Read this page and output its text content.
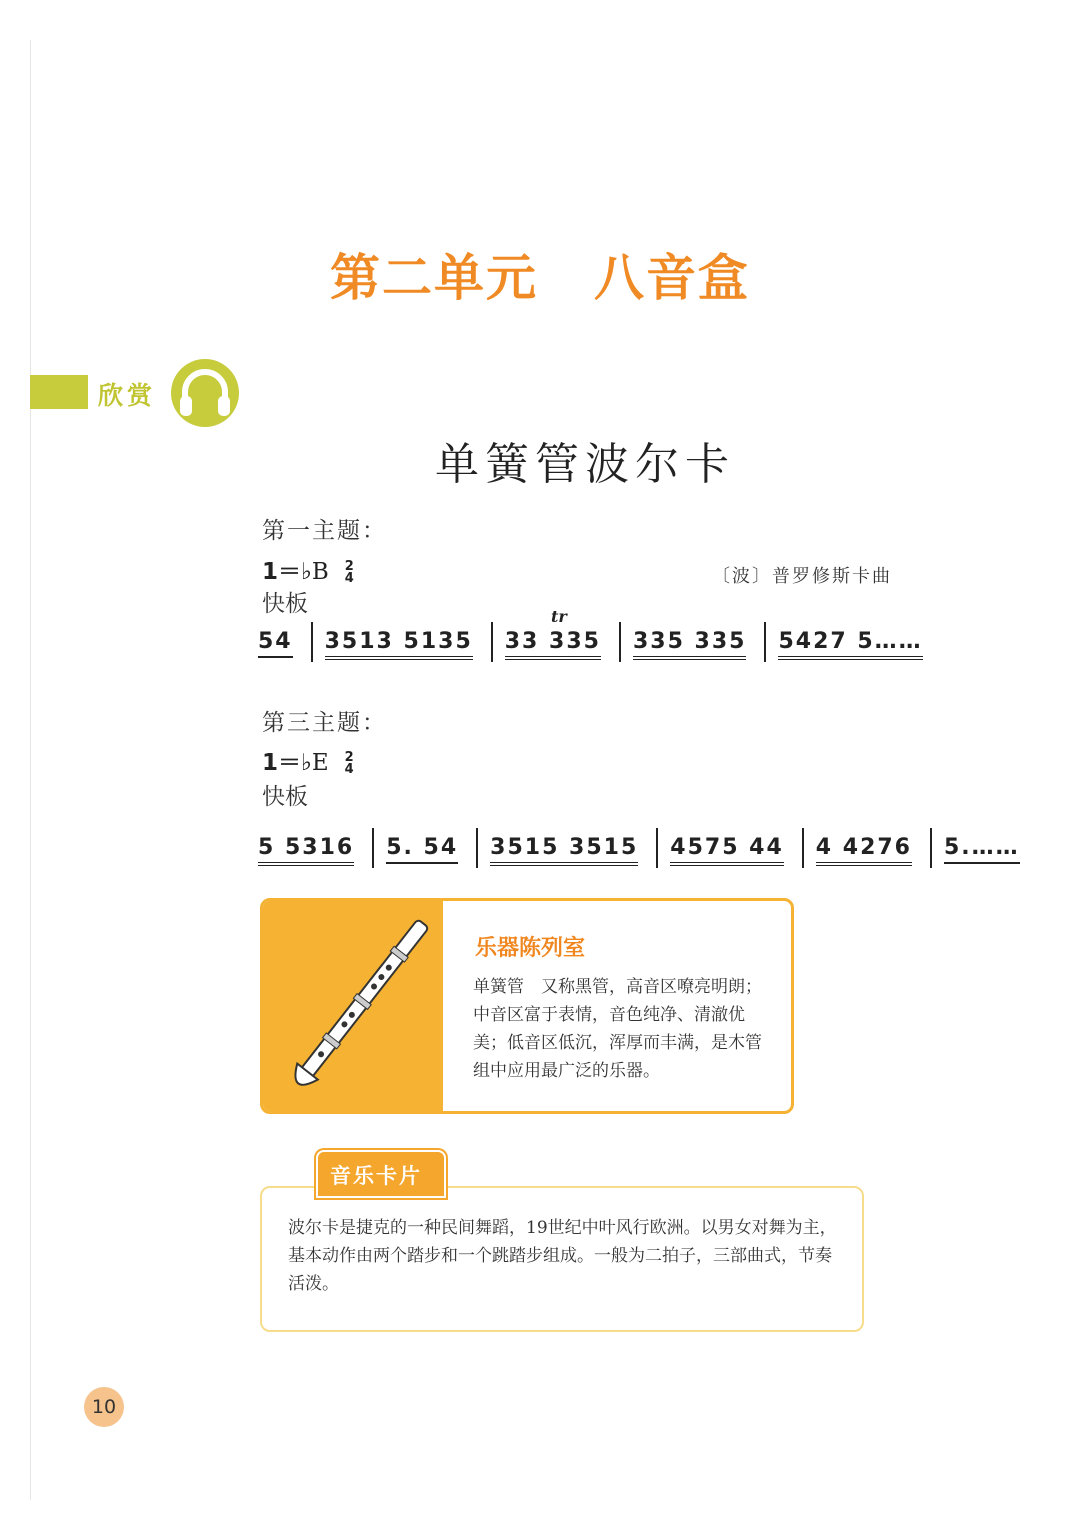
第二单元 八音盒
欣赏
单簧管波尔卡
第一主题：
1＝♭B 2
4	〔波〕普罗修斯卡曲
快板	tr
54 3513 5135 33 335 335 335 5427 5……
第三主题：
1＝♭E 2
4
快板
5 5316 5. 54 3515 3515 4575 44 4 4276 5.……
乐器陈列室
单簧管　又称黑管，高音区嘹亮明朗；中音区富于表情，音色纯净、清澈优美；低音区低沉，浑厚而丰满，是木管组中应用最广泛的乐器。
音乐卡片
波尔卡是捷克的一种民间舞蹈，19世纪中叶风行欧洲。以男女对舞为主，基本动作由两个踏步和一个跳踏步组成。一般为二拍子，三部曲式，节奏活泼。
10
